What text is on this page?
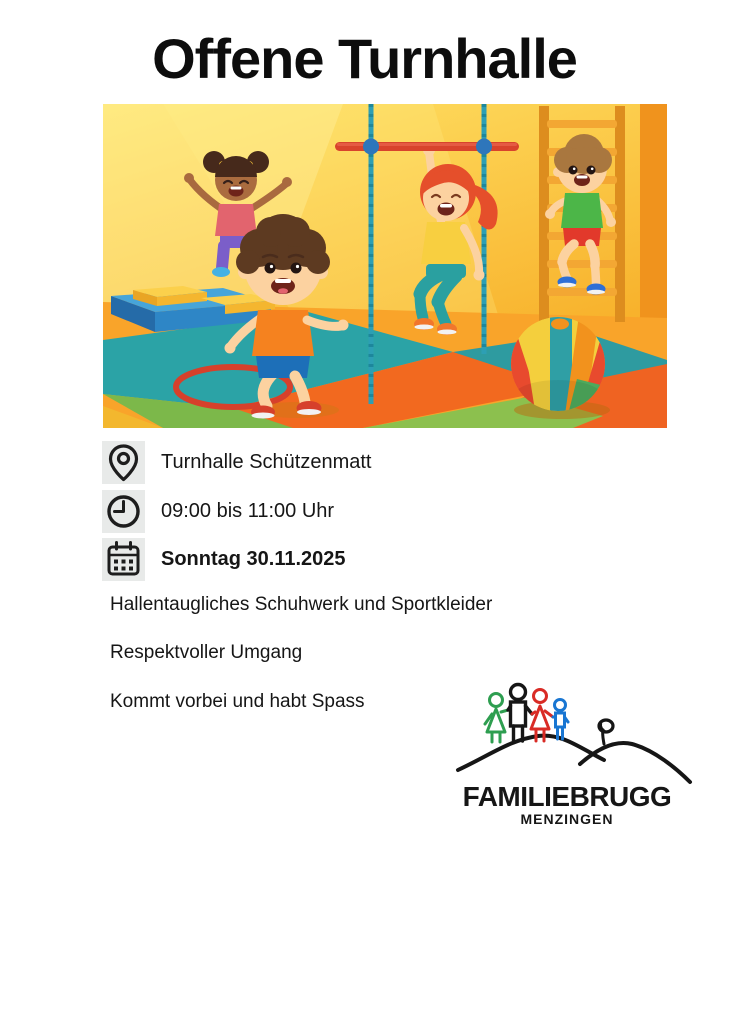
Offene Turnhalle
Turnhalle Schützenmatt
09:00 bis 11:00 Uhr
Sonntag 30.11.2025
Hallentaugliches Schuhwerk und Sportkleider
Respektvoller Umgang
Kommt vorbei und habt Spass
FAMILIEBRUGG
MENZINGEN
